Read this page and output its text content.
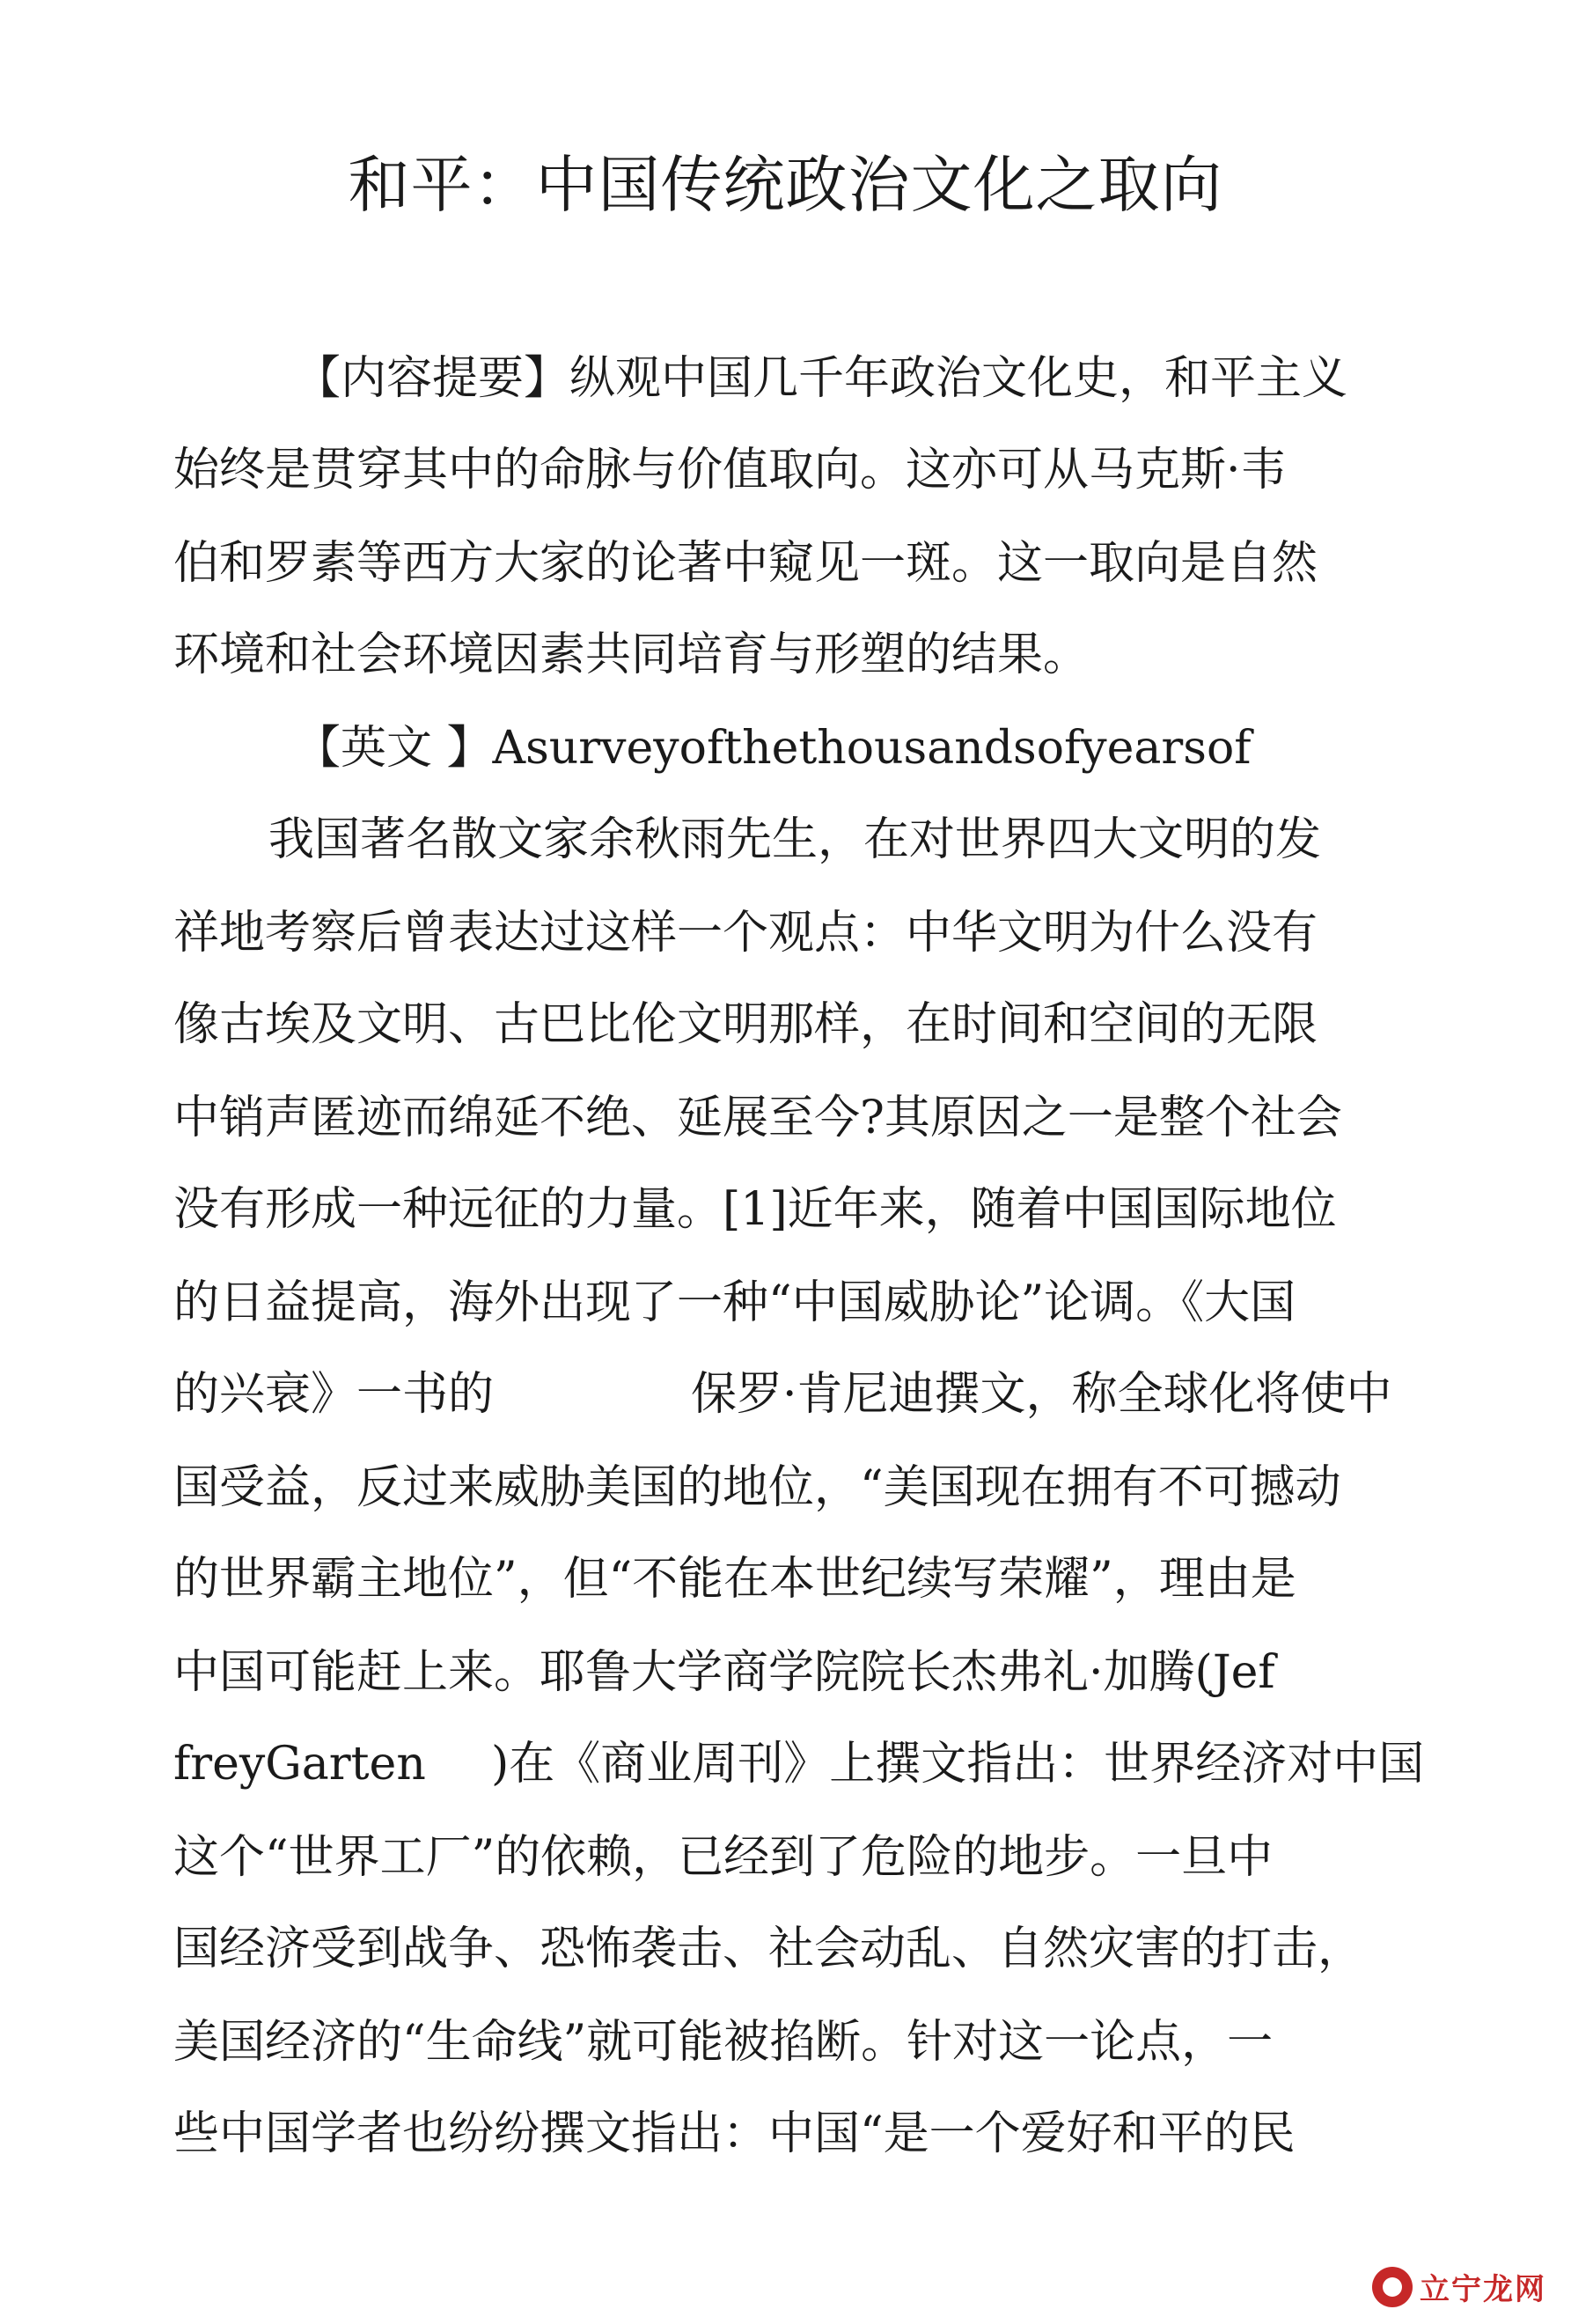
和平：中国传统政治文化之取向
【内容提要】纵观中国几千年政治文化史，和平主义
始终是贯穿其中的命脉与价值取向。这亦可从马克斯·韦
伯和罗素等西方大家的论著中窥见一斑。这一取向是自然
环境和社会环境因素共同培育与形塑的结果。
【英文 】Asurveyofthethousandsofyearsof
我国著名散文家余秋雨先生，在对世界四大文明的发
祥地考察后曾表达过这样一个观点：中华文明为什么没有
像古埃及文明、古巴比伦文明那样，在时间和空间的无限
中销声匿迹而绵延不绝、延展至今?其原因之一是整个社会
没有形成一种远征的力量。[1]近年来，随着中国国际地位
的日益提高，海外出现了一种“中国威胁论”论调。《大国
的兴衰》一书的	保罗·肯尼迪撰文，称全球化将使中
国受益，反过来威胁美国的地位，“美国现在拥有不可撼动
的世界霸主地位”，但“不能在本世纪续写荣耀”，理由是
中国可能赶上来。耶鲁大学商学院院长杰弗礼·加腾(Jef
freyGarten )在《商业周刊》上撰文指出：世界经济对中国
这个“世界工厂”的依赖，已经到了危险的地步。一旦中
国经济受到战争、恐怖袭击、社会动乱、自然灾害的打击，
美国经济的“生命线”就可能被掐断。针对这一论点，一
些中国学者也纷纷撰文指出：中国“是一个爱好和平的民
立宁龙网
